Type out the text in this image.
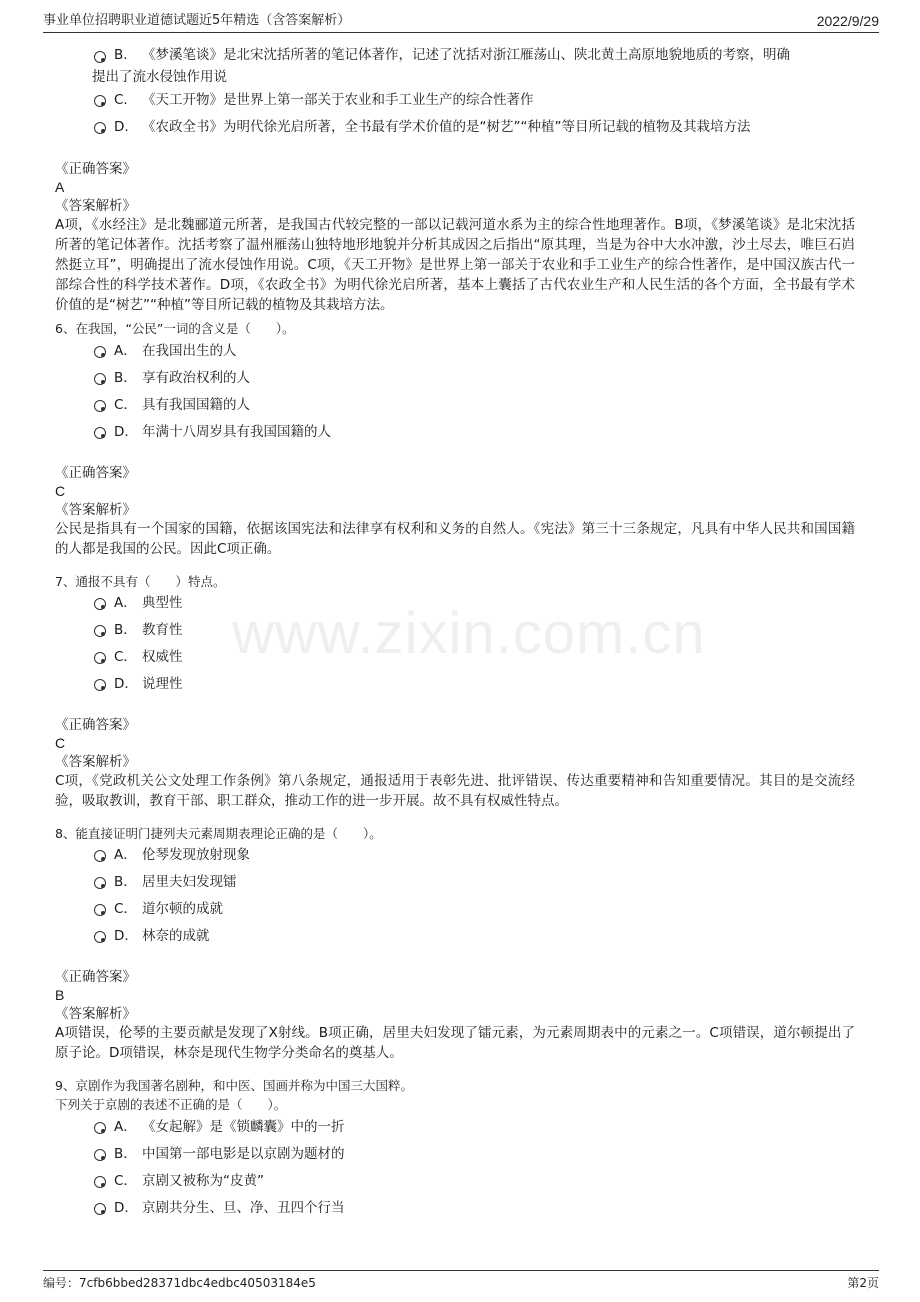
事业单位招聘职业道德试题近5年精选（含答案解析）	2022/9/29
www.zixin.com.cn
B. 《梦溪笔谈》是北宋沈括所著的笔记体著作，记述了沈括对浙江雁荡山、陕北黄土高原地貌地质的考察，明确
提出了流水侵蚀作用说
C. 《天工开物》是世界上第一部关于农业和手工业生产的综合性著作
D. 《农政全书》为明代徐光启所著，全书最有学术价值的是“树艺”“种植”等目所记载的植物及其栽培方法
《正确答案》
A
《答案解析》
A项，《水经注》是北魏郦道元所著，是我国古代较完整的一部以记载河道水系为主的综合性地理著作。B项，《梦溪笔谈》是北宋沈括所著的笔记体著作。沈括考察了温州雁荡山独特地形地貌并分析其成因之后指出“原其理，当是为谷中大水冲激，沙土尽去，唯巨石岿然挺立耳”，明确提出了流水侵蚀作用说。C项，《天工开物》是世界上第一部关于农业和手工业生产的综合性著作，是中国汉族古代一部综合性的科学技术著作。D项，《农政全书》为明代徐光启所著，基本上囊括了古代农业生产和人民生活的各个方面，全书最有学术价值的是“树艺”“种植”等目所记载的植物及其栽培方法。
6、在我国，“公民”一词的含义是（　　）。
A． 在我国出生的人
B． 享有政治权利的人
C． 具有我国国籍的人
D． 年满十八周岁具有我国国籍的人
《正确答案》
C
《答案解析》
公民是指具有一个国家的国籍，依据该国宪法和法律享有权利和义务的自然人。《宪法》第三十三条规定，凡具有中华人民共和国国籍的人都是我国的公民。因此C项正确。
7、通报不具有（　　）特点。
A． 典型性
B． 教育性
C． 权威性
D． 说理性
《正确答案》
C
《答案解析》
C项，《党政机关公文处理工作条例》第八条规定，通报适用于表彰先进、批评错误、传达重要精神和告知重要情况。其目的是交流经验，吸取教训，教育干部、职工群众，推动工作的进一步开展。故不具有权威性特点。
8、能直接证明门捷列夫元素周期表理论正确的是（　　）。
A． 伦琴发现放射现象
B． 居里夫妇发现镭
C． 道尔顿的成就
D． 林奈的成就
《正确答案》
B
《答案解析》
A项错误，伦琴的主要贡献是发现了X射线。B项正确，居里夫妇发现了镭元素，为元素周期表中的元素之一。C项错误，道尔顿提出了原子论。D项错误，林奈是现代生物学分类命名的奠基人。
9、京剧作为我国著名剧种，和中医、国画并称为中国三大国粹。
下列关于京剧的表述不正确的是（　　）。
A． 《女起解》是《锁麟囊》中的一折
B． 中国第一部电影是以京剧为题材的
C． 京剧又被称为“皮黄”
D． 京剧共分生、旦、净、丑四个行当
编号：7cfb6bbed28371dbc4edbc40503184e5	第2页
